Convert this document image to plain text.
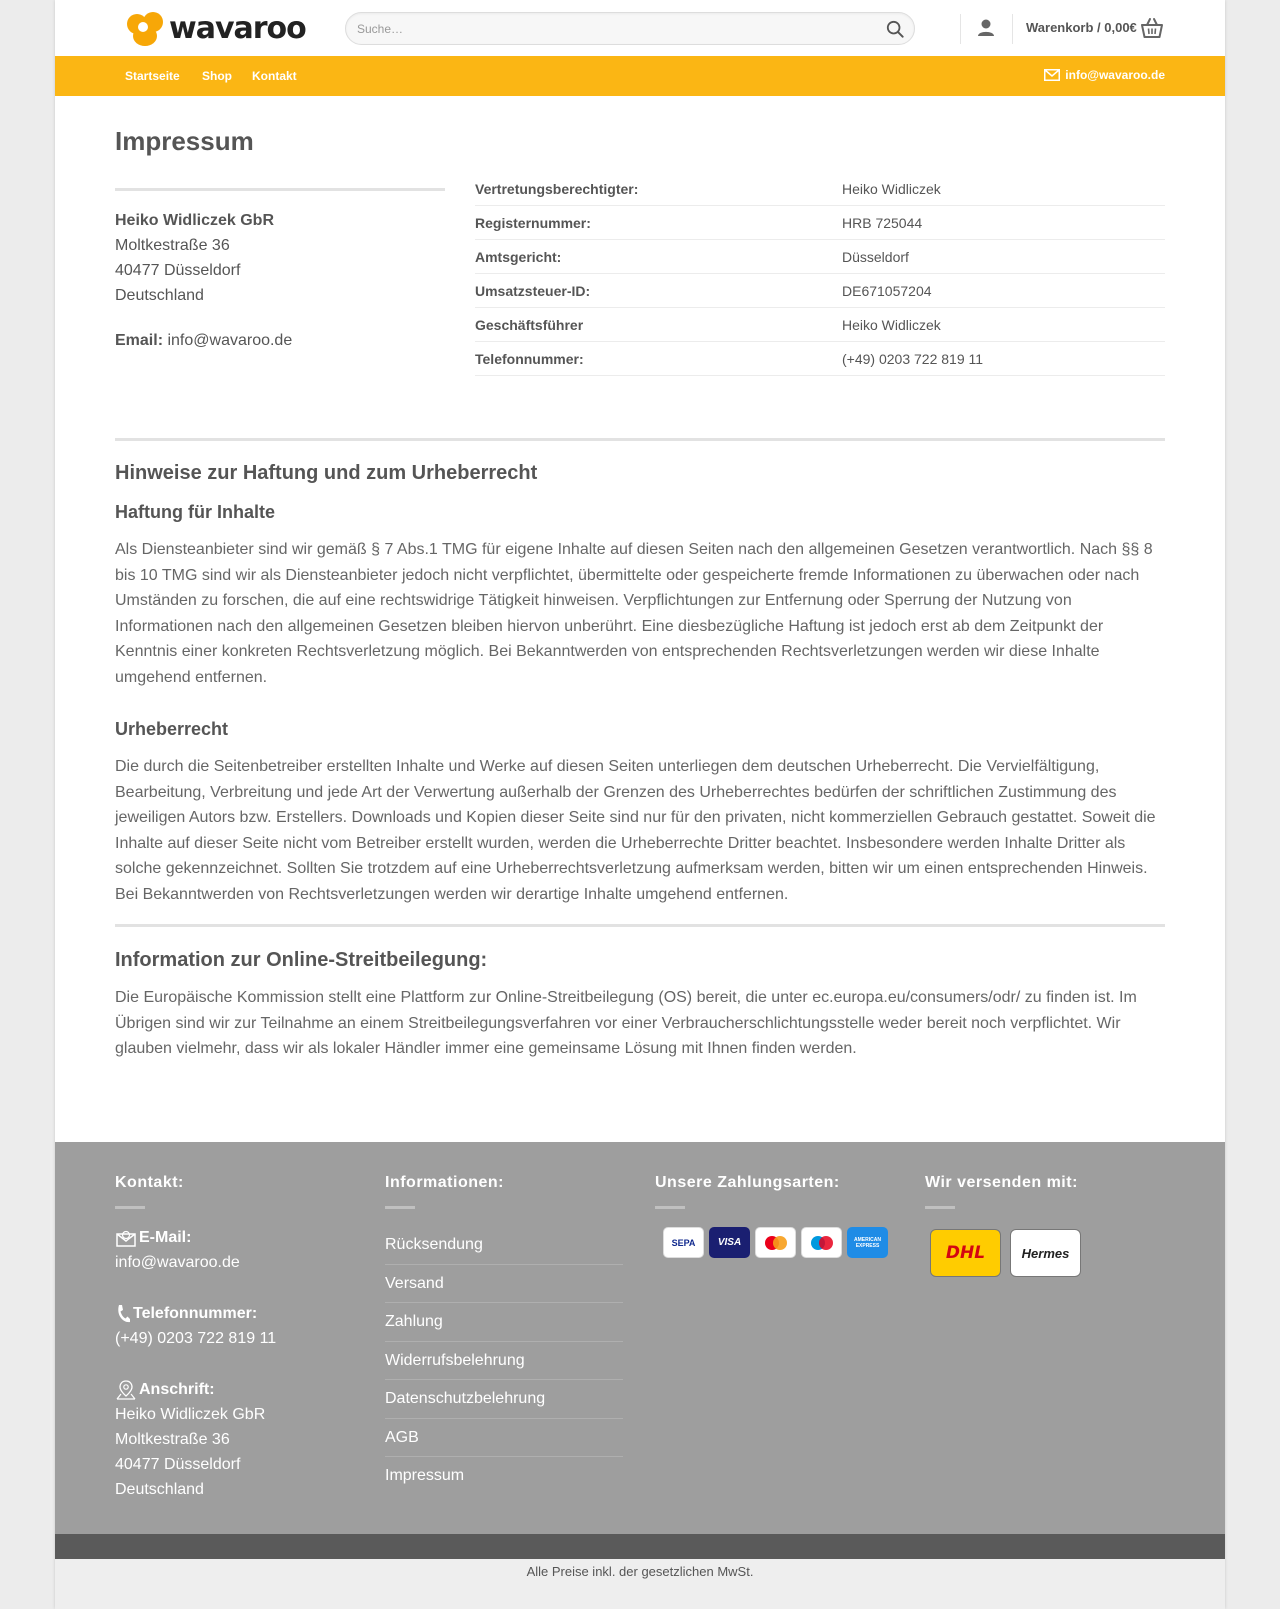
wavaroo
Suche…	Warenkorb / 0,00€
Startseite Shop Kontakt	info@wavaroo.de
Impressum
Heiko Widliczek GbR
Moltkestraße 36
40477 Düsseldorf
Deutschland
Email: info@wavaroo.de
Vertretungsberechtigter:	Heiko Widliczek
Registernummer:	HRB 725044
Amtsgericht:	Düsseldorf
Umsatzsteuer-ID:	DE671057204
Geschäftsführer	Heiko Widliczek
Telefonnummer:	(+49) 0203 722 819 11
Hinweise zur Haftung und zum Urheberrecht
Haftung für Inhalte

Als Diensteanbieter sind wir gemäß § 7 Abs.1 TMG für eigene Inhalte auf diesen Seiten nach den allgemeinen Gesetzen verantwortlich. Nach §§ 8 bis 10 TMG sind wir als Diensteanbieter jedoch nicht verpflichtet, übermittelte oder gespeicherte fremde Informationen zu überwachen oder nach Umständen zu forschen, die auf eine rechtswidrige Tätigkeit hinweisen. Verpflichtungen zur Entfernung oder Sperrung der Nutzung von Informationen nach den allgemeinen Gesetzen bleiben hiervon unberührt. Eine diesbezügliche Haftung ist jedoch erst ab dem Zeitpunkt der Kenntnis einer konkreten Rechtsverletzung möglich. Bei Bekanntwerden von entsprechenden Rechtsverletzungen werden wir diese Inhalte umgehend entfernen.

Urheberrecht

Die durch die Seitenbetreiber erstellten Inhalte und Werke auf diesen Seiten unterliegen dem deutschen Urheberrecht. Die Vervielfältigung, Bearbeitung, Verbreitung und jede Art der Verwertung außerhalb der Grenzen des Urheberrechtes bedürfen der schriftlichen Zustimmung des jeweiligen Autors bzw. Erstellers. Downloads und Kopien dieser Seite sind nur für den privaten, nicht kommerziellen Gebrauch gestattet. Soweit die Inhalte auf dieser Seite nicht vom Betreiber erstellt wurden, werden die Urheberrechte Dritter beachtet. Insbesondere werden Inhalte Dritter als solche gekennzeichnet. Sollten Sie trotzdem auf eine Urheberrechtsverletzung aufmerksam werden, bitten wir um einen entsprechenden Hinweis. Bei Bekanntwerden von Rechtsverletzungen werden wir derartige Inhalte umgehend entfernen.

Information zur Online-Streitbeilegung:

Die Europäische Kommission stellt eine Plattform zur Online-Streitbeilegung (OS) bereit, die unter ec.europa.eu/consumers/odr/ zu finden ist. Im Übrigen sind wir zur Teilnahme an einem Streitbeilegungsverfahren vor einer Verbraucherschlichtungsstelle weder bereit noch verpflichtet. Wir glauben vielmehr, dass wir als lokaler Händler immer eine gemeinsame Lösung mit Ihnen finden werden.

Kontakt:
E-Mail:
info@wavaroo.de
Telefonnummer:
(+49) 0203 722 819 11
Anschrift:
Heiko Widliczek GbR
Moltkestraße 36
40477 Düsseldorf
Deutschland
Informationen:
Rücksendung
Versand
Zahlung
Widerrufsbelehrung
Datenschutzbelehrung
AGB
Impressum
Unsere Zahlungsarten:
SEPA VISA	AMERICAN EXPRESS
Wir versenden mit:
DHL	Hermes
Alle Preise inkl. der gesetzlichen MwSt.
